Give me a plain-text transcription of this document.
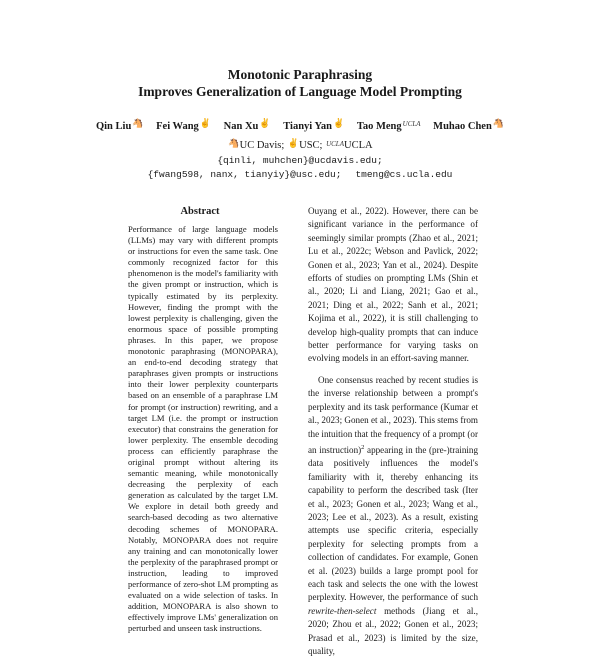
Monotonic Paraphrasing
Improves Generalization of Language Model Prompting
Qin Liu🐴 Fei Wang✌ Nan Xu✌ Tianyi Yan✌ Tao MengUCLA Muhao Chen🐴
🐴UC Davis; ✌USC; UCLAUCLA
{qinli, muhchen}@ucdavis.edu;
{fwang598, nanx, tianyiy}@usc.edu; tmeng@cs.ucla.edu
Abstract
Performance of large language models (LLMs) may vary with different prompts or instructions for even the same task. One commonly recognized factor for this phenomenon is the model's familiarity with the given prompt or instruction, which is typically estimated by its perplexity. However, finding the prompt with the lowest perplexity is challenging, given the enormous space of possible prompting phrases. In this paper, we propose monotonic paraphrasing (MONOPARA), an end-to-end decoding strategy that paraphrases given prompts or instructions into their lower perplexity counterparts based on an ensemble of a paraphrase LM for prompt (or instruction) rewriting, and a target LM (i.e. the prompt or instruction executor) that constrains the generation for lower perplexity. The ensemble decoding process can efficiently paraphrase the original prompt without altering its semantic meaning, while monotonically decreasing the perplexity of each generation as calculated by the target LM. We explore in detail both greedy and search-based decoding as two alternative decoding schemes of MONOPARA. Notably, MONOPARA does not require any training and can monotonically lower the perplexity of the paraphrased prompt or instruction, leading to improved performance of zero-shot LM prompting as evaluated on a wide selection of tasks. In addition, MONOPARA is also shown to effectively improve LMs' generalization on perturbed and unseen task instructions.

Ouyang et al., 2022). However, there can be significant variance in the performance of seemingly similar prompts (Zhao et al., 2021; Lu et al., 2022c; Webson and Pavlick, 2022; Gonen et al., 2023; Yan et al., 2024). Despite efforts of studies on prompting LMs (Shin et al., 2020; Li and Liang, 2021; Gao et al., 2021; Ding et al., 2022; Sanh et al., 2021; Kojima et al., 2022), it is still challenging to develop high-quality prompts that can induce better performance for varying tasks on evolving models in an effort-saving manner.

One consensus reached by recent studies is the inverse relationship between a prompt's perplexity and its task performance (Kumar et al., 2023; Gonen et al., 2023). This stems from the intuition that the frequency of a prompt (or an instruction)$^2$ appearing in the (pre-)training data positively influences the model's familiarity with it, thereby enhancing its capability to perform the described task (Iter et al., 2023; Gonen et al., 2023; Wang et al., 2023; Lee et al., 2023). As a result, existing attempts use specific criteria, especially perplexity for selecting prompts from a collection of candidates. For example, Gonen et al. (2023) builds a large prompt pool for each task and selects the one with the lowest perplexity. However, the performance of such rewrite-then-select methods (Jiang et al., 2020; Zhou et al., 2022; Gonen et al., 2023; Prasad et al., 2023) is limited by the size, quality,
